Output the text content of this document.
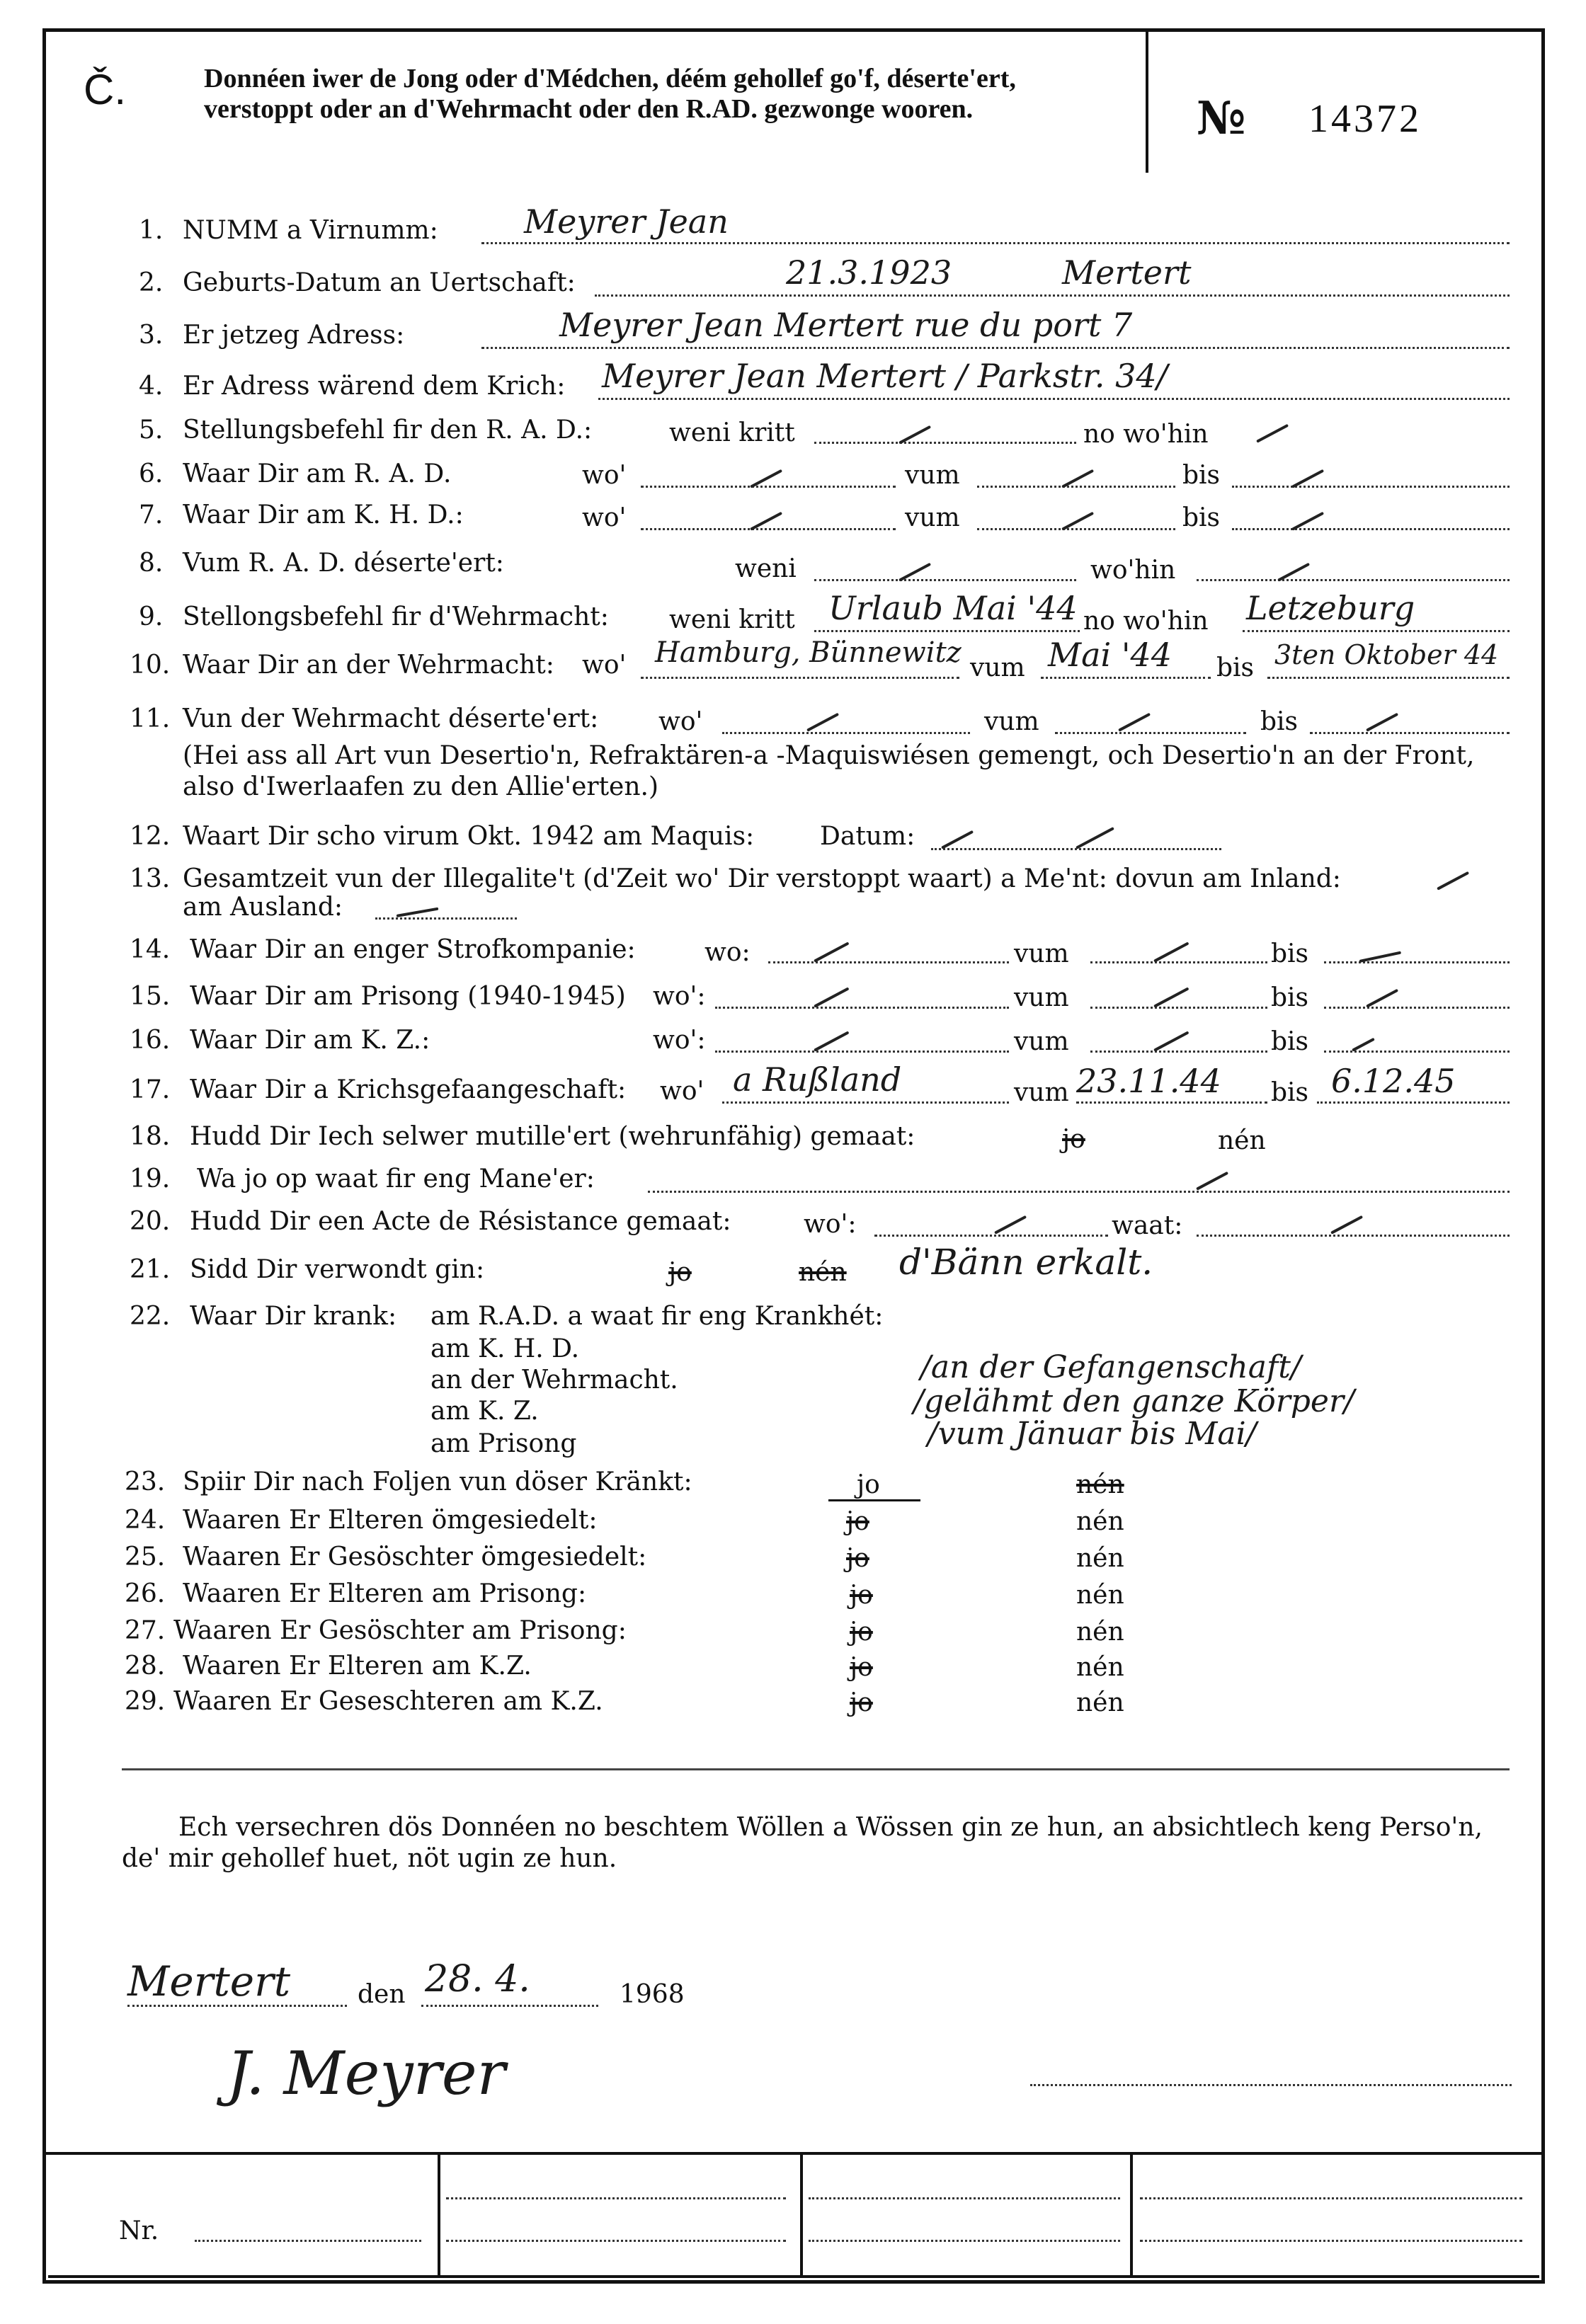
Č.	Donnéen iwer de Jong oder d'Médchen, déém gehollef go'f, déserte'ert, verstoppt oder an d'Wehrmacht oder den R.AD. gezwonge wooren.	№ 14372
1. NUMM a Virnumm:	Meyrer Jean
2. Geburts-Datum an Uertschaft:	21.3.1923	Mertert
3. Er jetzeg Adress:	Meyrer Jean Mertert rue du port 7
4. Er Adress wärend dem Krich: Meyrer Jean Mertert / Parkstr. 34/
5. Stellungsbefehl fir den R. A. D.:	weni kritt	no wo'hin
6. Waar Dir am R. A. D.	wo'	vum	bis
7. Waar Dir am K. H. D.:	wo'	vum	bis
8. Vum R. A. D. déserte'ert:	weni	wo'hin
9. Stellongsbefehl fir d'Wehrmacht: weni kritt Urlaub Mai '44 no wo'hin Letzeburg
10. Waar Dir an der Wehrmacht: wo' Hamburg, Bünnewitz vum Mai '44 bis 3ten Oktober 44
11. Vun der Wehrmacht déserte'ert: wo'	vum	bis
(Hei ass all Art vun Desertio'n, Refraktären-a -Maquiswiésen gemengt, och Desertio'n an der Front, also d'Iwerlaafen zu den Allie'erten.)
12. Waart Dir scho virum Okt. 1942 am Maquis:	Datum:
13. Gesamtzeit vun der Illegalite't (d'Zeit wo' Dir verstoppt waart) a Me'nt: dovun am Inland:
am Ausland:
14. Waar Dir an enger Strofkompanie:	wo:	vum	bis
15. Waar Dir am Prisong (1940-1945) wo':	vum	bis
16. Waar Dir am K. Z.:	wo':	vum	bis
17. Waar Dir a Krichsgefaangeschaft: wo' a Rußland	vum 23.11.44 bis 6.12.45
18. Hudd Dir Iech selwer mutille'ert (wehrunfähig) gemaat:	jo	nén
19. Wa jo op waat fir eng Mane'er:
20. Hudd Dir een Acte de Résistance gemaat:	wo':	waat:
21. Sidd Dir verwondt gin:	jo	nén d'Bänn erkalt.
22. Waar Dir krank: am R.A.D. a waat fir eng Krankhét:
am K. H. D.
an der Wehrmacht.
am K. Z.
am Prisong
/an der Gefangenschaft/
/gelähmt den ganze Körper/
/vum Jänuar bis Mai/
23. Spiir Dir nach Foljen vun döser Kränkt:	jo	nén
24. Waaren Er Elteren ömgesiedelt:	jo	nén
25. Waaren Er Gesöschter ömgesiedelt:	jo	nén
26. Waaren Er Elteren am Prisong:	jo	nén
27. Waaren Er Gesöschter am Prisong:	jo	nén
28. Waaren Er Elteren am K.Z.	jo	nén
29. Waaren Er Geseschteren am K.Z.	jo	nén
Ech versechren dös Donnéen no beschtem Wöllen a Wössen gin ze hun, an absichtlech keng Perso'n, de' mir gehollef huet, nöt ugin ze hun.
Mertert	den 28. 4.	1968
J. Meyrer
Nr.
